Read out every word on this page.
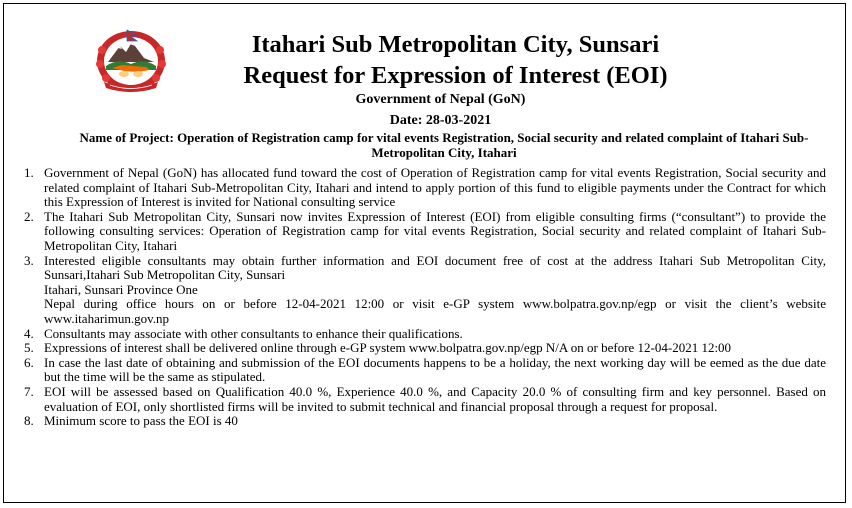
Itahari Sub Metropolitan City, Sunsari
Request for Expression of Interest (EOI)
Government of Nepal (GoN)
Date: 28-03-2021
Name of Project: Operation of Registration camp for vital events Registration, Social security and related complaint of Itahari Sub-Metropolitan City, Itahari
1. Government of Nepal (GoN) has allocated fund toward the cost of Operation of Registration camp for vital events Registration, Social security and related complaint of Itahari Sub-Metropolitan City, Itahari and intend to apply portion of this fund to eligible payments under the Contract for which this Expression of Interest is invited for National consulting service
2. The Itahari Sub Metropolitan City, Sunsari now invites Expression of Interest (EOI) from eligible consulting firms (“consultant”) to provide the following consulting services: Operation of Registration camp for vital events Registration, Social security and related complaint of Itahari Sub-Metropolitan City, Itahari
3. Interested eligible consultants may obtain further information and EOI document free of cost at the address Itahari Sub Metropolitan City, Sunsari,Itahari Sub Metropolitan City, Sunsari
Itahari, Sunsari Province One
Nepal during office hours on or before 12-04-2021 12:00 or visit e-GP system www.bolpatra.gov.np/egp or visit the client’s website www.itaharimun.gov.np
4. Consultants may associate with other consultants to enhance their qualifications.
5. Expressions of interest shall be delivered online through e-GP system www.bolpatra.gov.np/egp N/A on or before 12-04-2021 12:00
6. In case the last date of obtaining and submission of the EOI documents happens to be a holiday, the next working day will be eemed as the due date but the time will be the same as stipulated.
7. EOI will be assessed based on Qualification 40.0 %, Experience 40.0 %, and Capacity 20.0 % of consulting firm and key personnel. Based on evaluation of EOI, only shortlisted firms will be invited to submit technical and financial proposal through a request for proposal.
8. Minimum score to pass the EOI is 40
